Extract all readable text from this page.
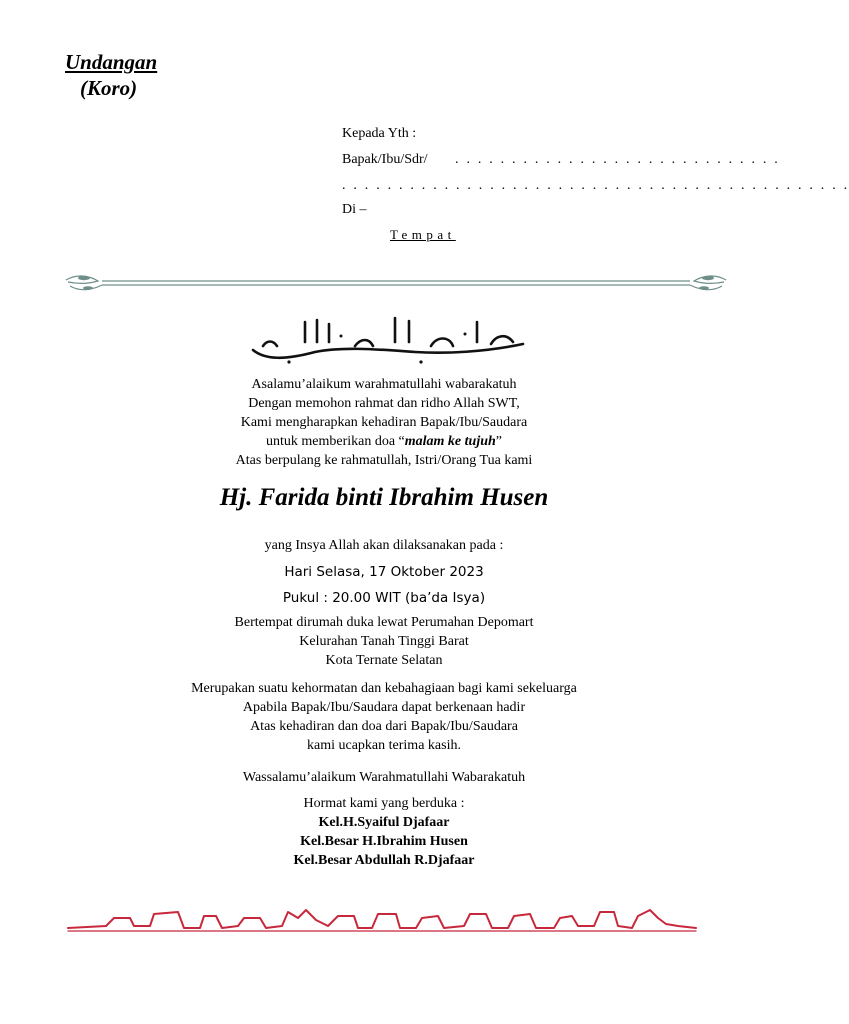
Undangan
(Koro)
Kepada Yth :
Bapak/Ibu/Sdr/ . . . . . . . . . . . . . . . . . . . . . . . . . . . . .
. . . . . . . . . . . . . . . . . . . . . . . . . . . . . . . . . . . . . . . . . . . . .
Di –
Tempat
Asalamu’alaikum warahmatullahi wabarakatuh
Dengan memohon rahmat dan ridho Allah SWT,
Kami mengharapkan kehadiran Bapak/Ibu/Saudara
untuk memberikan doa “malam ke tujuh”
Atas berpulang ke rahmatullah, Istri/Orang Tua kami
Hj. Farida binti Ibrahim Husen
yang Insya Allah akan dilaksanakan pada :
Hari Selasa, 17 Oktober 2023
Pukul : 20.00 WIT (ba’da Isya)
Bertempat dirumah duka lewat Perumahan Depomart
Kelurahan Tanah Tinggi Barat
Kota Ternate Selatan
Merupakan suatu kehormatan dan kebahagiaan bagi kami sekeluarga
Apabila Bapak/Ibu/Saudara dapat berkenaan hadir
Atas kehadiran dan doa dari Bapak/Ibu/Saudara
kami ucapkan terima kasih.
Wassalamu’alaikum Warahmatullahi Wabarakatuh
Hormat kami yang berduka :
Kel.H.Syaiful Djafaar
Kel.Besar H.Ibrahim Husen
Kel.Besar Abdullah R.Djafaar
